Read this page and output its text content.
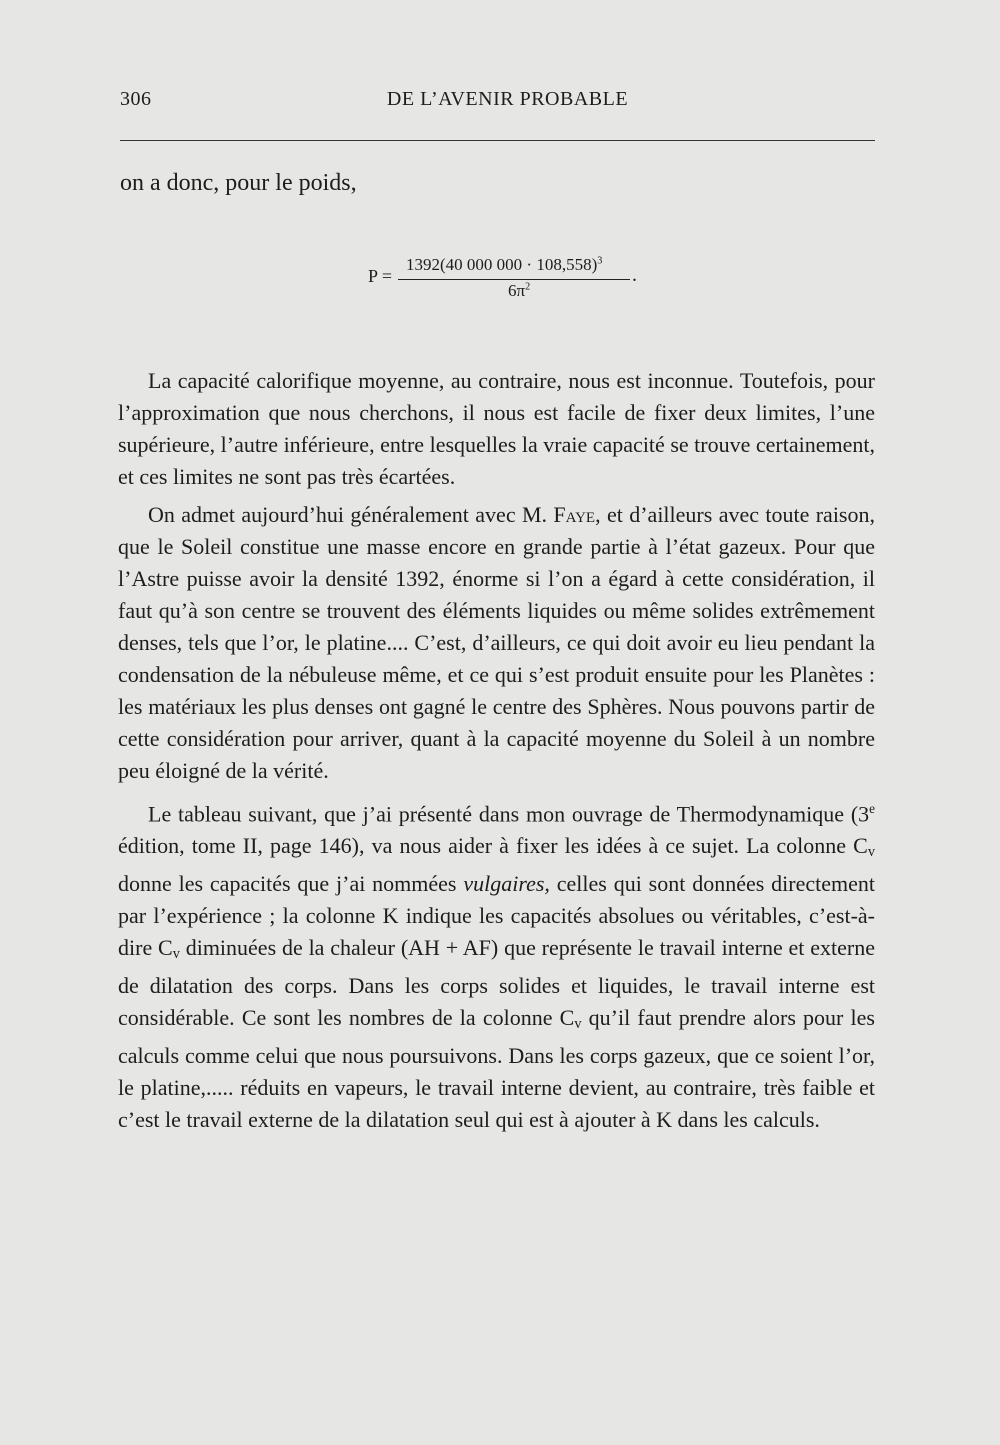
306	DE L’AVENIR PROBABLE
on a donc, pour le poids,
P =
1392(40 000 000 · 108,558)$^3$
$6\pi^2$
.

La capacité calorifique moyenne, au contraire, nous est inconnue. Toutefois, pour l’approximation que nous cherchons, il nous est facile de fixer deux limites, l’une supérieure, l’autre inférieure, entre lesquelles la vraie capacité se trouve certainement, et ces limites ne sont pas très écartées.

On admet aujourd’hui généralement avec M. Faye, et d’ailleurs avec toute raison, que le Soleil constitue une masse encore en grande partie à l’état gazeux. Pour que l’Astre puisse avoir la densité 1392, énorme si l’on a égard à cette considération, il faut qu’à son centre se trouvent des éléments liquides ou même solides extrêmement denses, tels que l’or, le platine.... C’est, d’ailleurs, ce qui doit avoir eu lieu pendant la condensation de la nébuleuse même, et ce qui s’est produit ensuite pour les Planètes : les matériaux les plus denses ont gagné le centre des Sphères. Nous pouvons partir de cette considération pour arriver, quant à la capacité moyenne du Soleil à un nombre peu éloigné de la vérité.

Le tableau suivant, que j’ai présenté dans mon ouvrage de Thermodynamique (3e édition, tome II, page 146), va nous aider à fixer les idées à ce sujet. La colonne $C_v$ donne les capacités que j’ai nommées vulgaires, celles qui sont données directement par l’expérience ; la colonne K indique les capacités absolues ou véritables, c’est-à-dire $C_v$ diminuées de la chaleur (AH + AF) que représente le travail interne et externe de dilatation des corps. Dans les corps solides et liquides, le travail interne est considérable. Ce sont les nombres de la colonne $C_v$ qu’il faut prendre alors pour les calculs comme celui que nous poursuivons. Dans les corps gazeux, que ce soient l’or, le platine,..... réduits en vapeurs, le travail interne devient, au contraire, très faible et c’est le travail externe de la dilatation seul qui est à ajouter à K dans les calculs.
